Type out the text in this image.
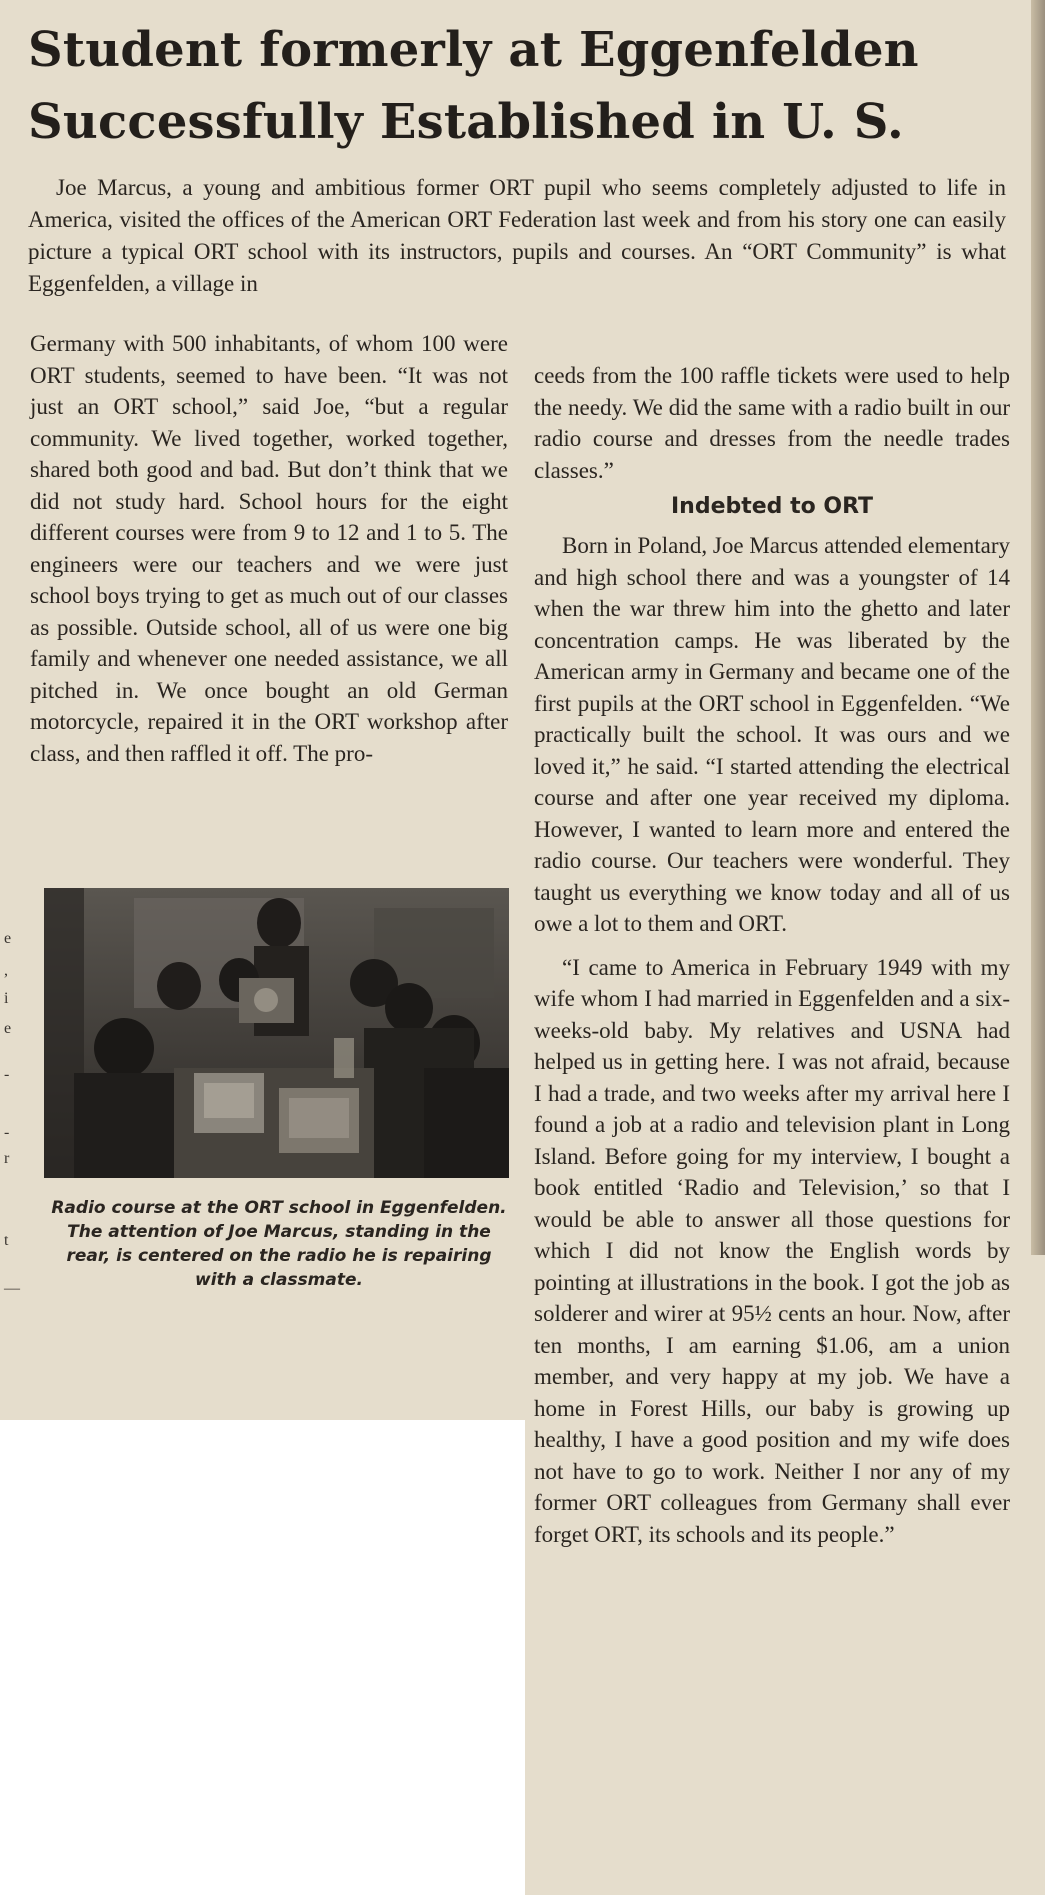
Student formerly at Eggenfelden
Successfully Established in U. S.

Joe Marcus, a young and ambitious former ORT pupil who seems completely adjusted to life in America, visited the offices of the American ORT Federation last week and from his story one can easily picture a typical ORT school with its instructors, pupils and courses. An “ORT Community” is what Eggenfelden, a village in

Germany with 500 inhabitants, of whom 100 were ORT students, seemed to have been. “It was not just an ORT school,” said Joe, “but a regular community. We lived together, worked together, shared both good and bad. But don’t think that we did not study hard. School hours for the eight different courses were from 9 to 12 and 1 to 5. The engineers were our teachers and we were just school boys trying to get as much out of our classes as possible. Outside school, all of us were one big family and whenever one needed assistance, we all pitched in. We once bought an old German motorcycle, repaired it in the ORT workshop after class, and then raffled it off. The pro-

ceeds from the 100 raffle tickets were used to help the needy. We did the same with a radio built in our radio course and dresses from the needle trades classes.”

Indebted to ORT

Born in Poland, Joe Marcus attended elementary and high school there and was a youngster of 14 when the war threw him into the ghetto and later concentration camps. He was liberated by the American army in Germany and became one of the first pupils at the ORT school in Eggenfelden. “We practically built the school. It was ours and we loved it,” he said. “I started attending the electrical course and after one year received my diploma. However, I wanted to learn more and entered the radio course. Our teachers were wonderful. They taught us everything we know today and all of us owe a lot to them and ORT.

“I came to America in February 1949 with my wife whom I had married in Eggenfelden and a six-weeks-old baby. My relatives and USNA had helped us in getting here. I was not afraid, because I had a trade, and two weeks after my arrival here I found a job at a radio and television plant in Long Island. Before going for my interview, I bought a book entitled ‘Radio and Television,’ so that I would be able to answer all those questions for which I did not know the English words by pointing at illustrations in the book. I got the job as solderer and wirer at 95½ cents an hour. Now, after ten months, I am earning $1.06, am a union member, and very happy at my job. We have a home in Forest Hills, our baby is growing up healthy, I have a good position and my wife does not have to go to work. Neither I nor any of my former ORT colleagues from Germany shall ever forget ORT, its schools and its people.”

Radio course at the ORT school in Eggenfelden. The attention of Joe Marcus, standing in the rear, is centered on the radio he is repairing with a classmate.

e
,
i
e
-
-
r
t
—
